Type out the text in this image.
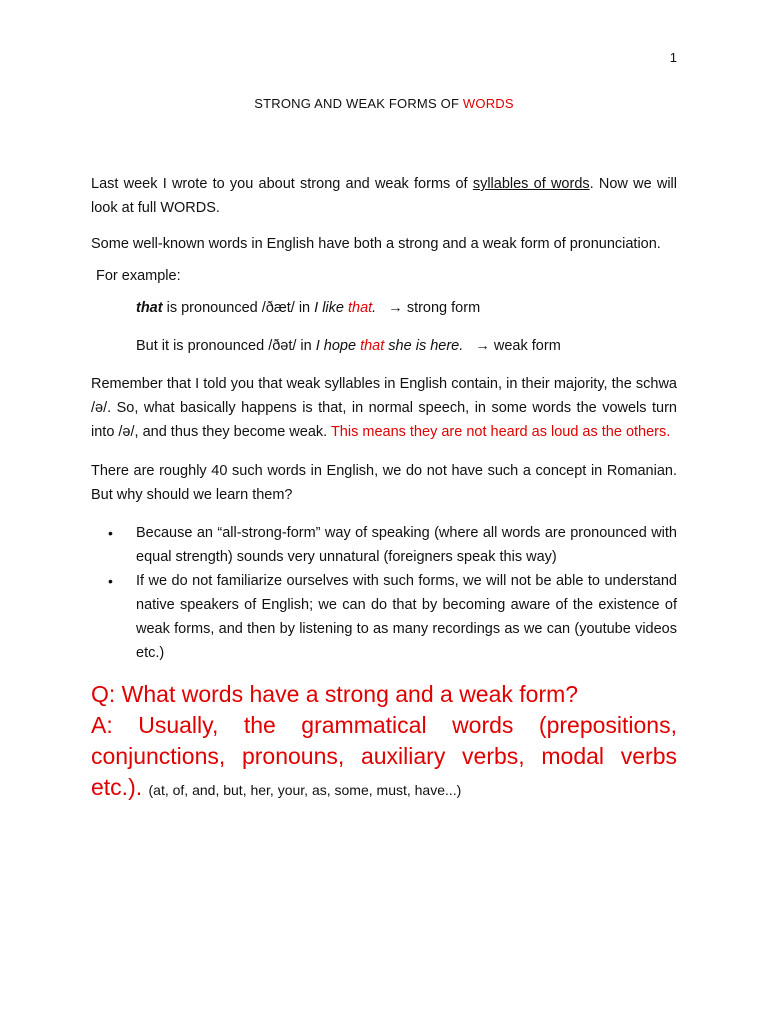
1
STRONG AND WEAK FORMS OF WORDS

Last week I wrote to you about strong and weak forms of syllables of words. Now we will look at full WORDS.

Some well-known words in English have both a strong and a weak form of pronunciation.

For example:
that is pronounced /ðæt/ in I like that.   → strong form
But it is pronounced /ðət/ in I hope that she is here.   → weak form

Remember that I told you that weak syllables in English contain, in their majority, the schwa /ə/. So, what basically happens is that, in normal speech, in some words the vowels turn into /ə/, and thus they become weak. This means they are not heard as loud as the others.

There are roughly 40 such words in English, we do not have such a concept in Romanian. But why should we learn them?

• Because an “all-strong-form” way of speaking (where all words are pronounced with equal strength) sounds very unnatural (foreigners speak this way)
• If we do not familiarize ourselves with such forms, we will not be able to understand native speakers of English; we can do that by becoming aware of the existence of weak forms, and then by listening to as many recordings as we can (youtube videos etc.)
Q: What words have a strong and a weak form?
A: Usually, the grammatical words (prepositions, conjunctions, pronouns, auxiliary verbs, modal verbs etc.). (at, of, and, but, her, your, as, some, must, have...)
